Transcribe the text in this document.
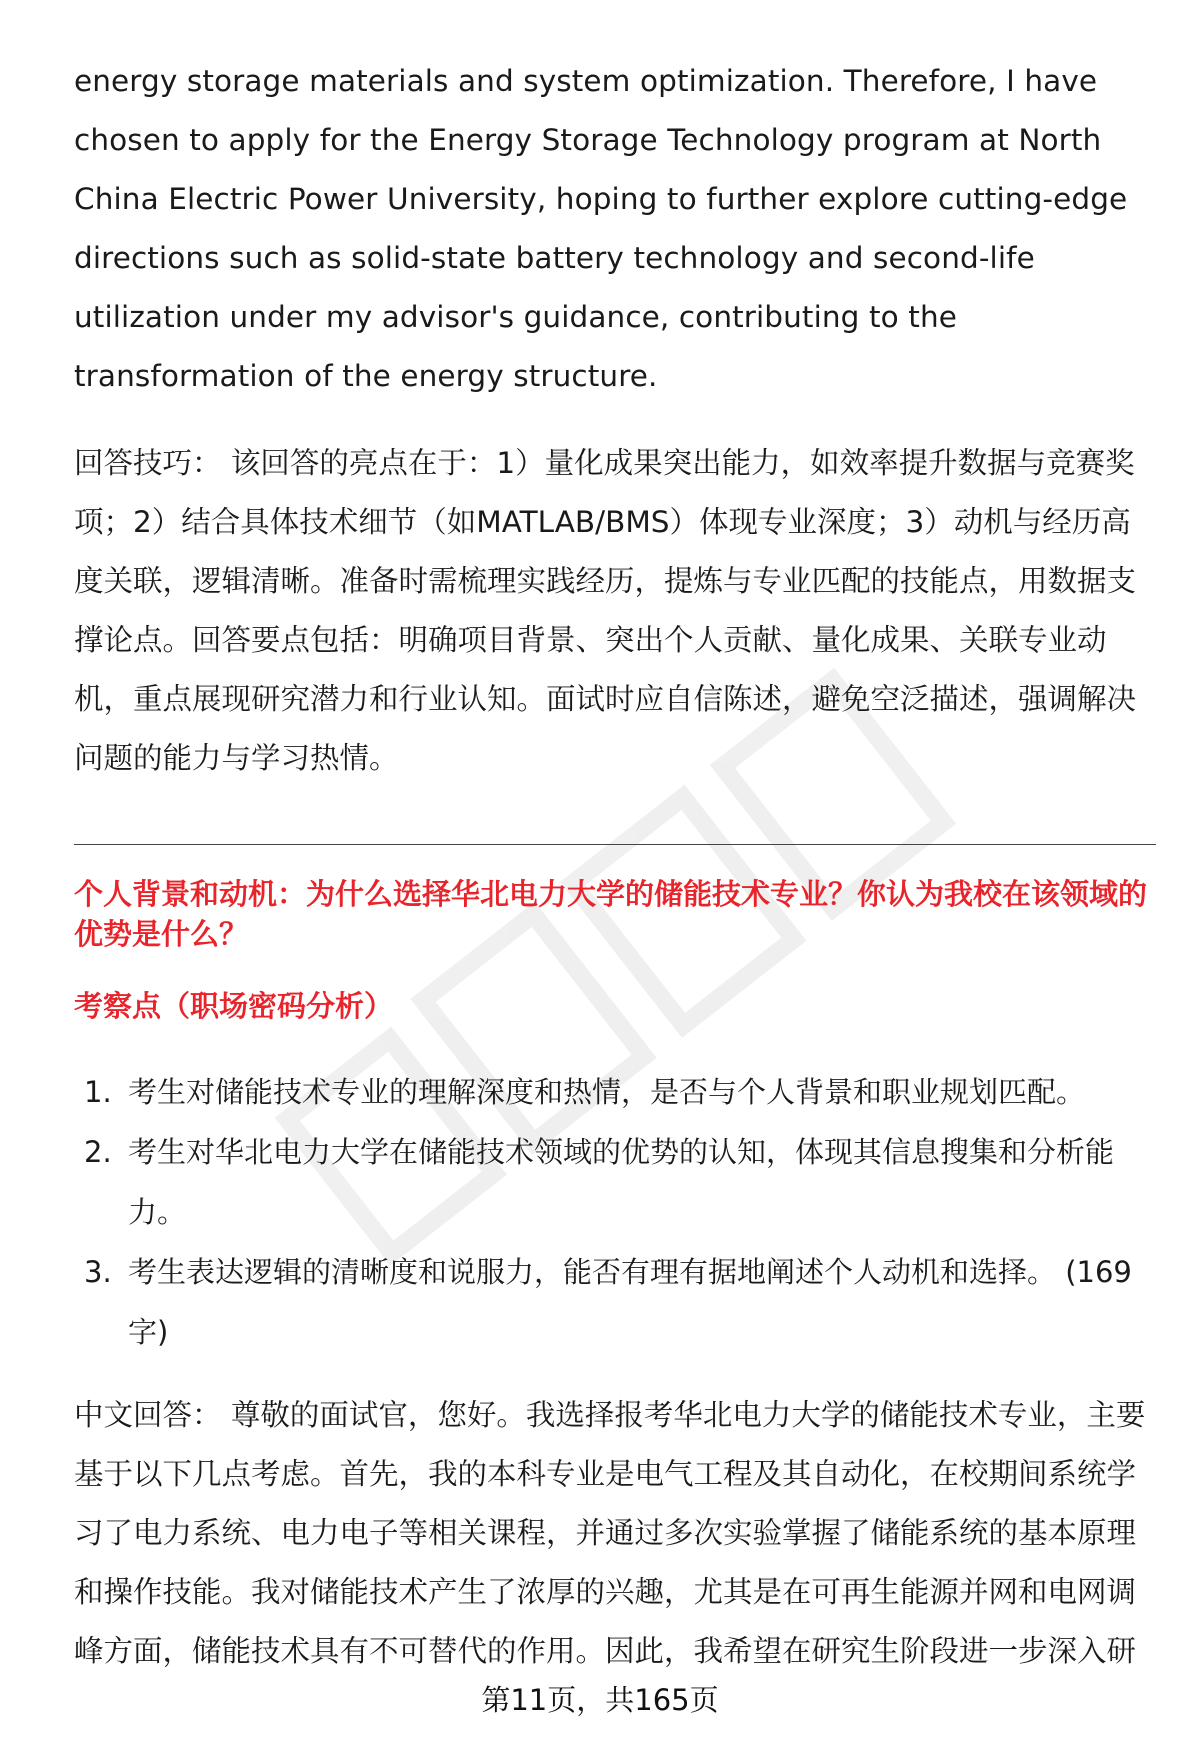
energy storage materials and system optimization. Therefore, I have chosen to apply for the Energy Storage Technology program at North China Electric Power University, hoping to further explore cutting-edge directions such as solid-state battery technology and second-life utilization under my advisor's guidance, contributing to the transformation of the energy structure.

回答技巧： 该回答的亮点在于：1）量化成果突出能力，如效率提升数据与竞赛奖项；2）结合具体技术细节（如MATLAB/BMS）体现专业深度；3）动机与经历高度关联，逻辑清晰。准备时需梳理实践经历，提炼与专业匹配的技能点，用数据支撑论点。回答要点包括：明确项目背景、突出个人贡献、量化成果、关联专业动机，重点展现研究潜力和行业认知。面试时应自信陈述，避免空泛描述，强调解决问题的能力与学习热情。

个人背景和动机：为什么选择华北电力大学的储能技术专业？你认为我校在该领域的优势是什么？

考察点（职场密码分析）

1. 考生对储能技术专业的理解深度和热情，是否与个人背景和职业规划匹配。
2. 考生对华北电力大学在储能技术领域的优势的认知，体现其信息搜集和分析能力。
3. 考生表达逻辑的清晰度和说服力，能否有理有据地阐述个人动机和选择。 (169字)

中文回答： 尊敬的面试官，您好。我选择报考华北电力大学的储能技术专业，主要基于以下几点考虑。首先，我的本科专业是电气工程及其自动化，在校期间系统学习了电力系统、电力电子等相关课程，并通过多次实验掌握了储能系统的基本原理和操作技能。我对储能技术产生了浓厚的兴趣，尤其是在可再生能源并网和电网调峰方面，储能技术具有不可替代的作用。因此，我希望在研究生阶段进一步深入研

第11页，共165页
